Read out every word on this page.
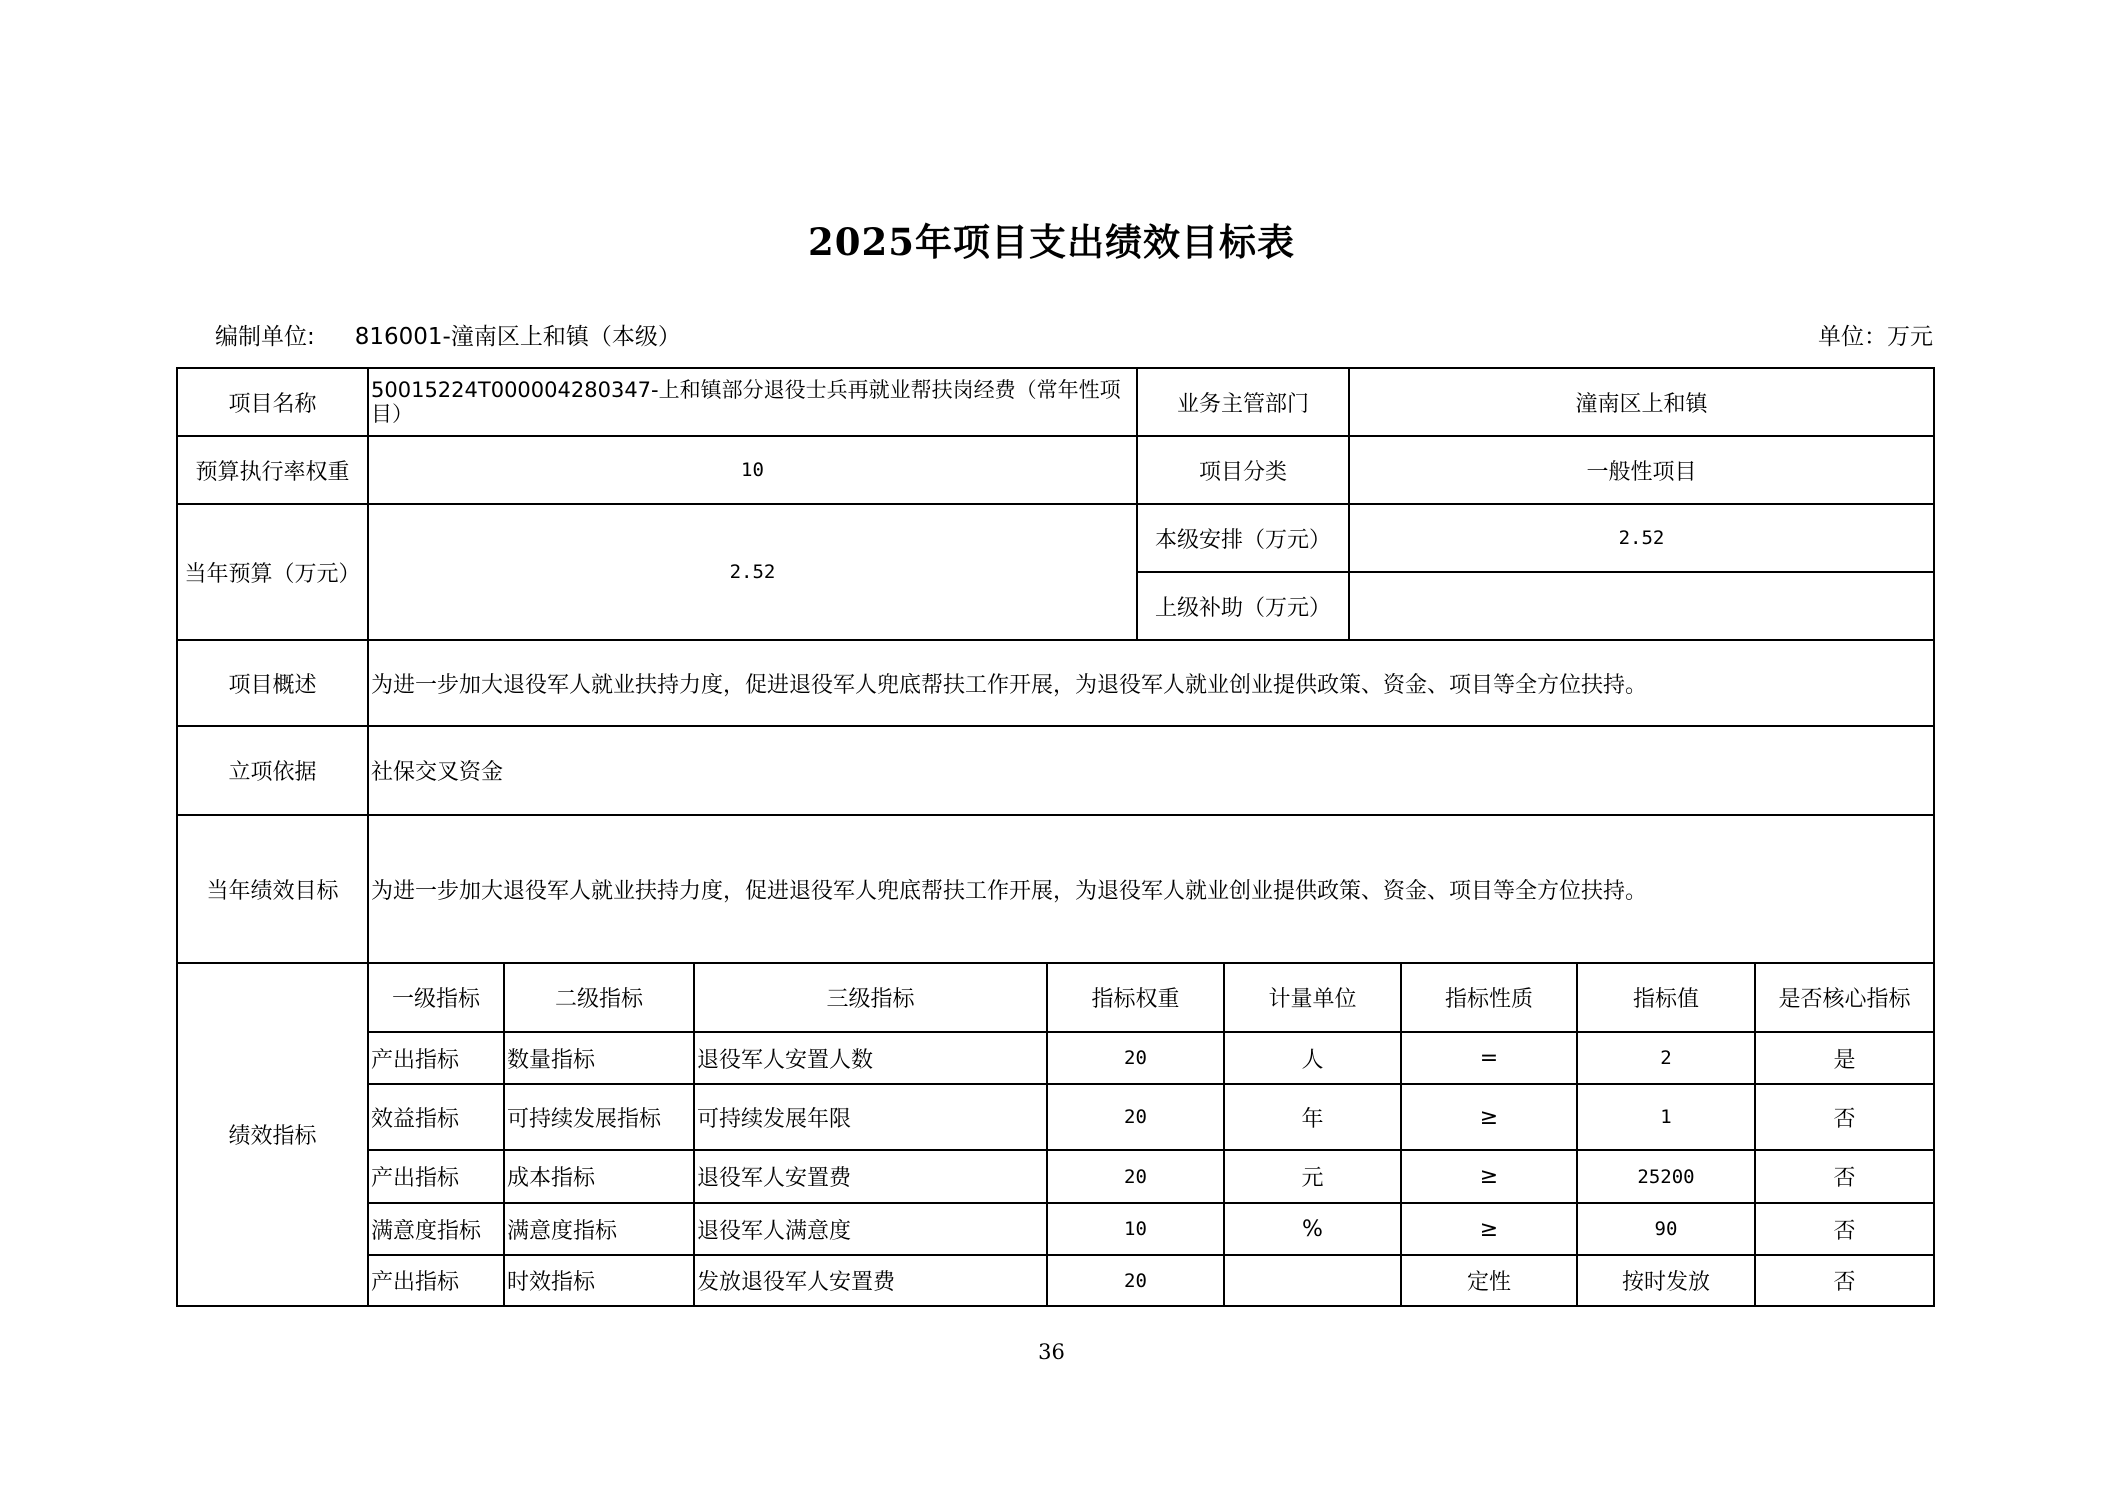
2025年项目支出绩效目标表
编制单位: 816001-潼南区上和镇（本级）	单位：万元
项目名称	50015224T000004280347-上和镇部分退役士兵再就业帮扶岗经费（常年性项目）	业务主管部门	潼南区上和镇
预算执行率权重	10	项目分类	一般性项目
当年预算（万元）	2.52	本级安排（万元）	2.52
上级补助（万元）	
项目概述	为进一步加大退役军人就业扶持力度，促进退役军人兜底帮扶工作开展，为退役军人就业创业提供政策、资金、项目等全方位扶持。
立项依据	社保交叉资金
当年绩效目标	为进一步加大退役军人就业扶持力度，促进退役军人兜底帮扶工作开展，为退役军人就业创业提供政策、资金、项目等全方位扶持。
绩效指标	
一级指标	二级指标	三级指标	指标权重	计量单位	指标性质	指标值	是否核心指标
产出指标	数量指标	退役军人安置人数	20	人	=	2	是
效益指标	可持续发展指标	可持续发展年限	20	年	≥	1	否
产出指标	成本指标	退役军人安置费	20	元	≥	25200	否
满意度指标	满意度指标	退役军人满意度	10	%	≥	90	否
产出指标	时效指标	发放退役军人安置费	20		定性	按时发放	否
36
